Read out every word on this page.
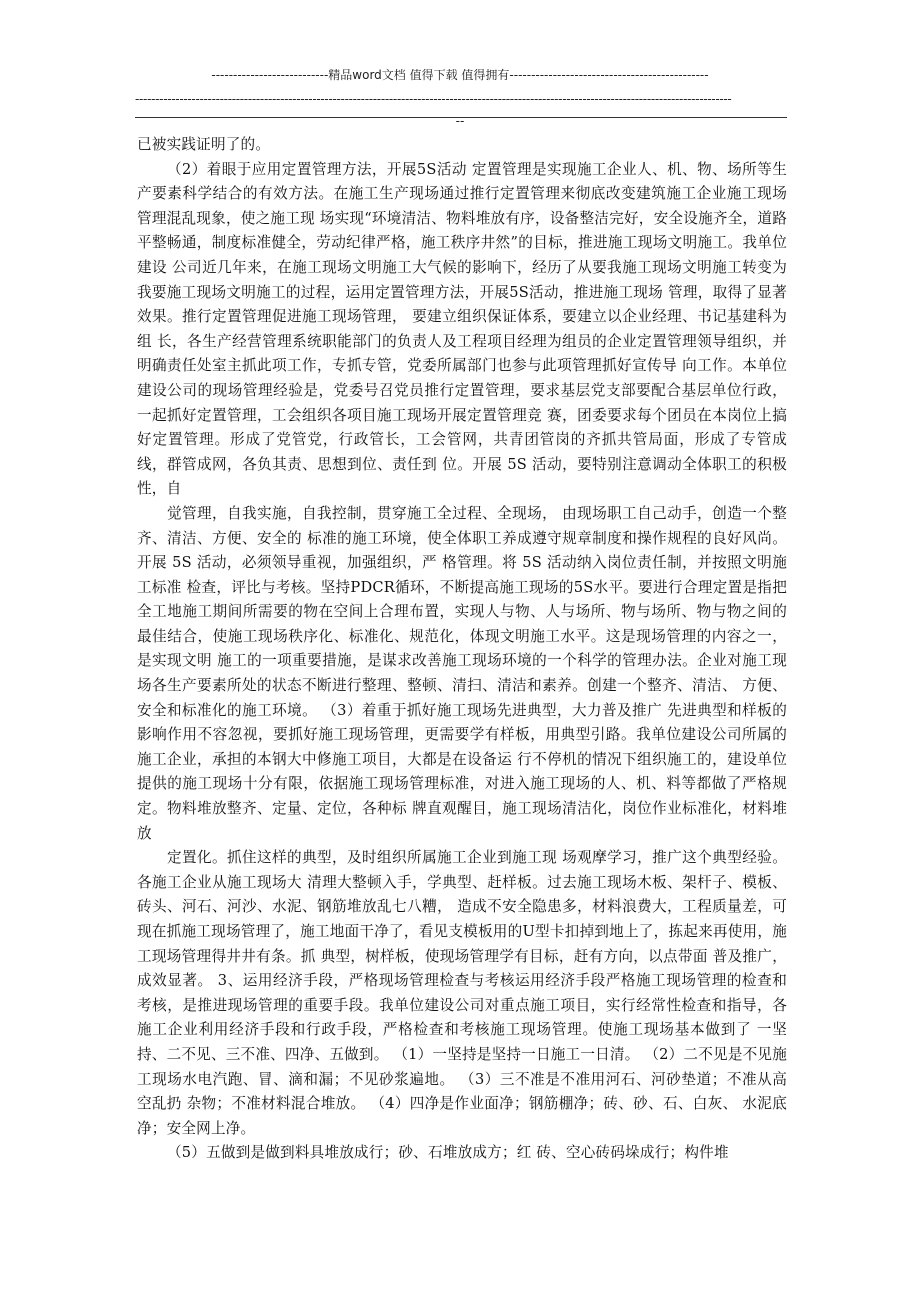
---------------------------精品word文档 值得下载 值得拥有----------------------------------------------
----------------------------------------------------------------------------------------------------------------------------------------------------
--

已被实践证明了的。

（2）着眼于应用定置管理方法，开展5S活动 定置管理是实现施工企业人、机、物、场所等生产要素科学结合的有效方法。在施工生产现场通过推行定置管理来彻底改变建筑施工企业施工现场管理混乱现象，使之施工现 场实现“环境清洁、物料堆放有序，设备整洁完好，安全设施齐全，道路平整畅通，制度标准健全，劳动纪律严格，施工秩序井然”的目标，推进施工现场文明施工。我单位建设 公司近几年来，在施工现场文明施工大气候的影响下，经历了从要我施工现场文明施工转变为我要施工现场文明施工的过程，运用定置管理方法，开展5S活动，推进施工现场 管理，取得了显著效果。推行定置管理促进施工现场管理， 要建立组织保证体系，要建立以企业经理、书记基建科为组 长，各生产经营管理系统职能部门的负责人及工程项目经理为组员的企业定置管理领导组织，并明确责任处室主抓此项工作，专抓专管，党委所属部门也参与此项管理抓好宣传导 向工作。本单位建设公司的现场管理经验是，党委号召党员推行定置管理，要求基层党支部要配合基层单位行政，一起抓好定置管理，工会组织各项目施工现场开展定置管理竞 赛，团委要求每个团员在本岗位上搞好定置管理。形成了党管党，行政管长，工会管网，共青团管岗的齐抓共管局面，形成了专管成线，群管成网，各负其责、思想到位、责任到 位。开展 5S 活动，要特别注意调动全体职工的积极性，自

觉管理，自我实施，自我控制，贯穿施工全过程、全现场， 由现场职工自己动手，创造一个整齐、清洁、方便、安全的 标准的施工环境，使全体职工养成遵守规章制度和操作规程的良好风尚。开展 5S 活动，必须领导重视，加强组织，严 格管理。将 5S 活动纳入岗位责任制，并按照文明施工标准 检查，评比与考核。坚持PDCR循环，不断提高施工现场的5S水平。要进行合理定置是指把全工地施工期间所需要的物在空间上合理布置，实现人与物、人与场所、物与场所、物与物之间的最佳结合，使施工现场秩序化、标准化、规范化，体现文明施工水平。这是现场管理的内容之一，是实现文明 施工的一项重要措施，是谋求改善施工现场环境的一个科学的管理办法。企业对施工现场各生产要素所处的状态不断进行整理、整顿、清扫、清洁和素养。创建一个整齐、清洁、 方便、安全和标准化的施工环境。 （3）着重于抓好施工现场先进典型，大力普及推广 先进典型和样板的影响作用不容忽视，要抓好施工现场管理，更需要学有样板，用典型引路。我单位建设公司所属的施工企业，承担的本钢大中修施工项目，大都是在设备运 行不停机的情况下组织施工的，建设单位提供的施工现场十分有限，依据施工现场管理标准，对进入施工现场的人、机、料等都做了严格规定。物料堆放整齐、定量、定位，各种标 牌直观醒目，施工现场清洁化，岗位作业标准化，材料堆放

定置化。抓住这样的典型，及时组织所属施工企业到施工现 场观摩学习，推广这个典型经验。各施工企业从施工现场大 清理大整顿入手，学典型、赶样板。过去施工现场木板、架杆子、模板、砖头、河石、河沙、水泥、钢筋堆放乱七八糟， 造成不安全隐患多，材料浪费大，工程质量差，可现在抓施工现场管理了，施工地面干净了，看见支模板用的U型卡扣掉到地上了，拣起来再使用，施工现场管理得井井有条。抓 典型，树样板，使现场管理学有目标，赶有方向，以点带面 普及推广，成效显著。 3、运用经济手段，严格现场管理检查与考核运用经济手段严格施工现场管理的检查和考核，是推进现场管理的重要手段。我单位建设公司对重点施工项目，实行经常性检查和指导，各施工企业利用经济手段和行政手段，严格检查和考核施工现场管理。使施工现场基本做到了 一坚持、二不见、三不准、四净、五做到。 （1）一坚持是坚持一日施工一日清。 （2）二不见是不见施工现场水电汽跑、冒、滴和漏；不见砂浆遍地。 （3）三不准是不准用河石、河砂垫道；不准从高空乱扔 杂物；不准材料混合堆放。 （4）四净是作业面净；钢筋棚净；砖、砂、石、白灰、 水泥底净；安全网上净。

（5）五做到是做到料具堆放成行；砂、石堆放成方；红 砖、空心砖码垛成行；构件堆
